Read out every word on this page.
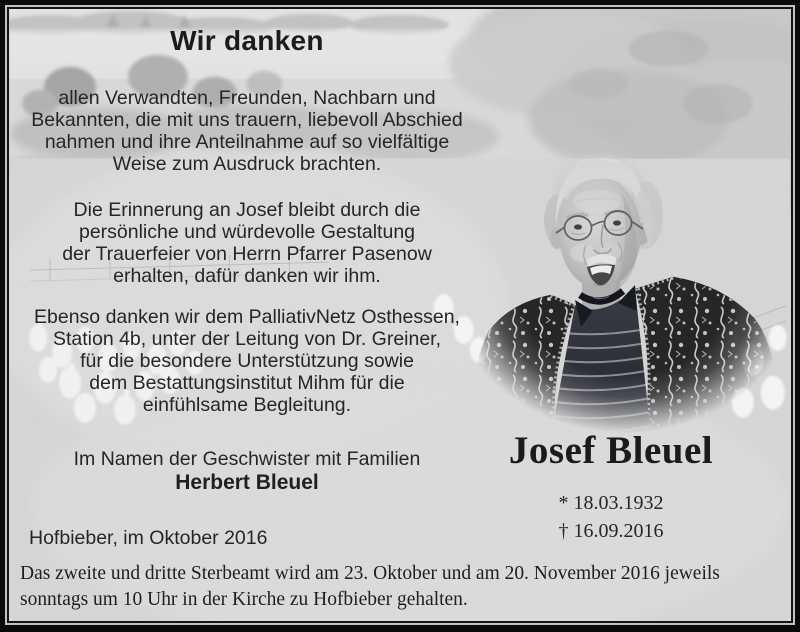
Wir danken
allen Verwandten, Freunden, Nachbarn und
Bekannten, die mit uns trauern, liebevoll Abschied
nahmen und ihre Anteilnahme auf so vielfältige
Weise zum Ausdruck brachten.
Die Erinnerung an Josef bleibt durch die
persönliche und würdevolle Gestaltung
der Trauerfeier von Herrn Pfarrer Pasenow
erhalten, dafür danken wir ihm.
Ebenso danken wir dem PalliativNetz Osthessen,
Station 4b, unter der Leitung von Dr. Greiner,
für die besondere Unterstützung sowie
dem Bestattungsinstitut Mihm für die
einfühlsame Begleitung.
Im Namen der Geschwister mit Familien
Herbert Bleuel
Hofbieber, im Oktober 2016
Josef Bleuel
* 18.03.1932
† 16.09.2016
Das zweite und dritte Sterbeamt wird am 23. Oktober und am 20. November 2016 jeweils
sonntags um 10 Uhr in der Kirche zu Hofbieber gehalten.
